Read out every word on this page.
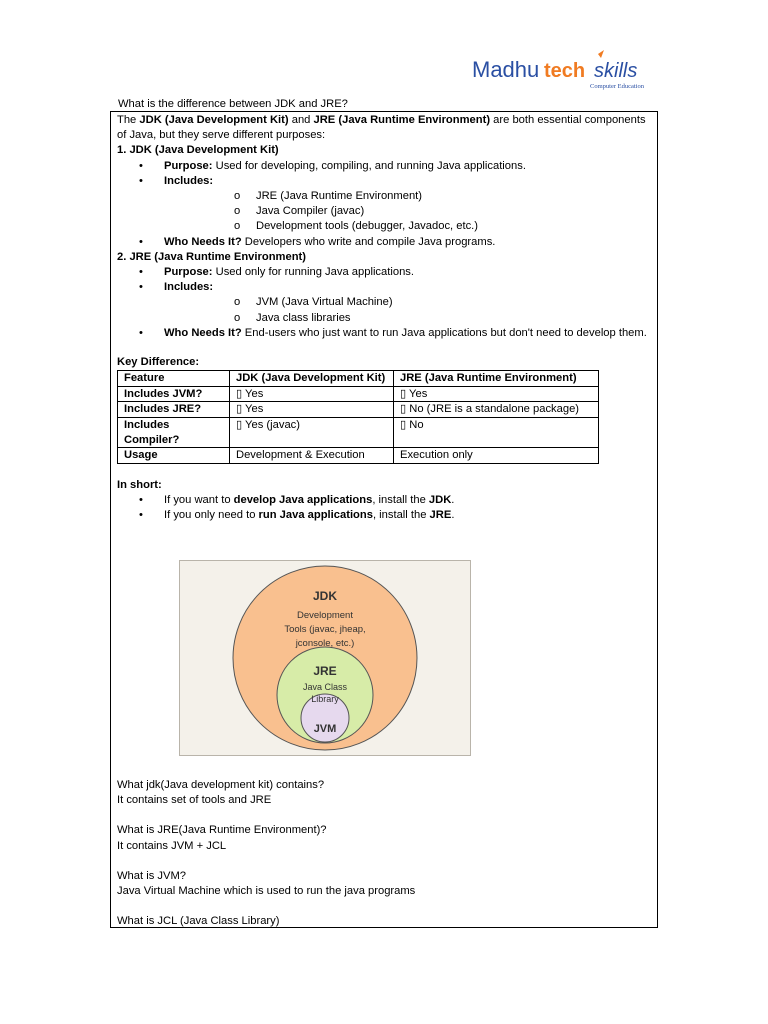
Madhu tech skills
Computer Education
What is the difference between JDK and JRE?

The JDK (Java Development Kit) and JRE (Java Runtime Environment) are both essential components of Java, but they serve different purposes:

1. JDK (Java Development Kit)

• Purpose: Used for developing, compiling, and running Java applications.
• Includes:
o JRE (Java Runtime Environment)
o Java Compiler (javac)
o Development tools (debugger, Javadoc, etc.)
• Who Needs It? Developers who write and compile Java programs.

2. JRE (Java Runtime Environment)

• Purpose: Used only for running Java applications.
• Includes:
o JVM (Java Virtual Machine)
o Java class libraries
• Who Needs It? End-users who just want to run Java applications but don't need to develop them.

Key Difference:

Feature	JDK (Java Development Kit)	JRE (Java Runtime Environment)
Includes JVM?	▯ Yes	▯ Yes
Includes JRE?	▯ Yes	▯ No (JRE is a standalone package)
Includes Compiler?	▯ Yes (javac)	▯ No
Usage	Development & Execution	Execution only

In short:

• If you want to develop Java applications, install the JDK.
• If you only need to run Java applications, install the JRE.
JDK
Development
Tools (javac, jheap,
jconsole, etc.)
JRE
Java Class
Library
JVM

What jdk(Java development kit) contains?

It contains set of tools and JRE

What is JRE(Java Runtime Environment)?

It contains JVM + JCL

What is JVM?

Java Virtual Machine which is used to run the java programs

What is JCL (Java Class Library)
